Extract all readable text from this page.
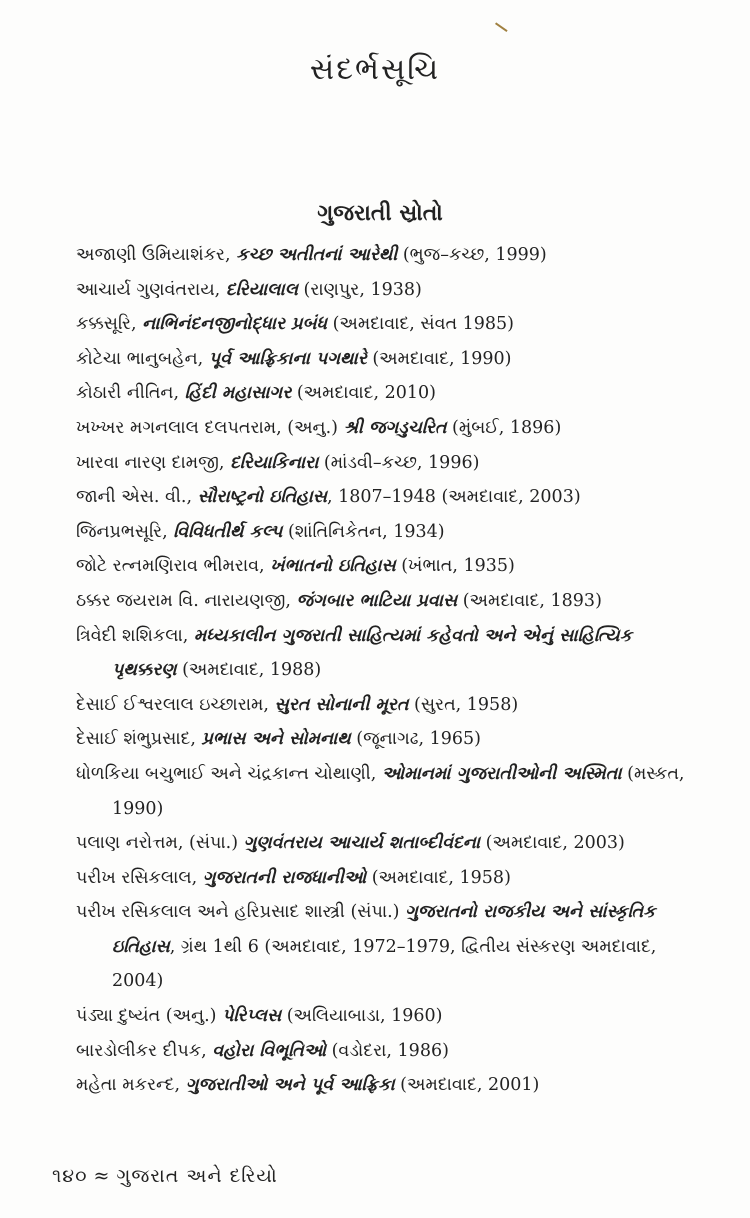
સંદર્ભસૂચિ
ગુજરાતી સ્રોતો
અજાણી ઉમિયાશંકર, કચ્છ અતીતનાં આરેથી (ભુજ–કચ્છ, 1999)
આચાર્ય ગુણવંતરાય, દરિયાલાલ (રાણપુર, 1938)
કક્કસૂરિ, નાભિનંદનજીનોદ્ધાર પ્રબંધ (અમદાવાદ, સંવત 1985)
કોટેચા ભાનુબહેન, પૂર્વ આફ્રિકાના પગથારે (અમદાવાદ, 1990)
કોઠારી નીતિન, હિંદી મહાસાગર (અમદાવાદ, 2010)
ખખ્ખર મગનલાલ દલપતરામ, (અનુ.) શ્રી જગડુચરિત (મુંબઈ, 1896)
ખારવા નારણ દામજી, દરિયાકિનારા (માંડવી–કચ્છ, 1996)
જાની એસ. વી., સૌરાષ્ટ્રનો ઇતિહાસ, 1807–1948 (અમદાવાદ, 2003)
જિનપ્રભસૂરિ, વિવિધતીર્થ કલ્પ (શાંતિનિકેતન, 1934)
જોટે રત્નમણિરાવ ભીમરાવ, ખંભાતનો ઇતિહાસ (ખંભાત, 1935)
ઠક્કર જયરામ વિ. નારાયણજી, જંગબાર ભાટિયા પ્રવાસ (અમદાવાદ, 1893)
ત્રિવેદી શશિકલા, મધ્યકાલીન ગુજરાતી સાહિત્યમાં કહેવતો અને એનું સાહિત્યિક પૃથક્કરણ (અમદાવાદ, 1988)
દેસાઈ ઈશ્વરલાલ ઇચ્છારામ, સુરત સોનાની મૂરત (સુરત, 1958)
દેસાઈ શંભુપ્રસાદ, પ્રભાસ અને સોમનાથ (જૂનાગઢ, 1965)
ધોળકિયા બચુભાઈ અને ચંદ્રકાન્ત ચોથાણી, ઓમાનમાં ગુજરાતીઓની અસ્મિતા (મસ્કત, 1990)
પલાણ નરોત્તમ, (સંપા.) ગુણવંતરાય આચાર્ય શતાબ્દીવંદના (અમદાવાદ, 2003)
પરીખ રસિકલાલ, ગુજરાતની રાજધાનીઓ (અમદાવાદ, 1958)
પરીખ રસિકલાલ અને હરિપ્રસાદ શાસ્ત્રી (સંપા.) ગુજરાતનો રાજકીય અને સાંસ્કૃતિક ઇતિહાસ, ગ્રંથ 1થી 6 (અમદાવાદ, 1972–1979, દ્વિતીય સંસ્કરણ અમદાવાદ, 2004)
પંડ્યા દુષ્યંત (અનુ.) પેરિપ્લસ (અલિયાબાડા, 1960)
બારડોલીકર દીપક, વહોરા વિભૂતિઓ (વડોદરા, 1986)
મહેતા મકરન્દ, ગુજરાતીઓ અને પૂર્વ આફ્રિકા (અમદાવાદ, 2001)
૧૪૦ ≈ ગુજરાત અને દરિયો
